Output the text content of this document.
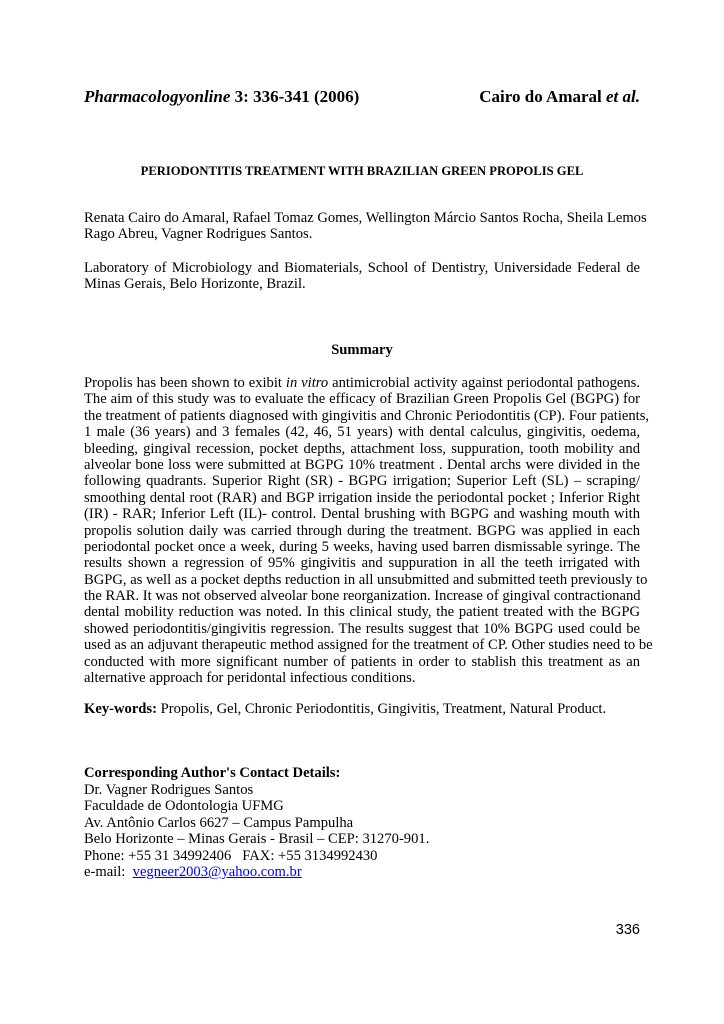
Pharmacologyonline 3: 336-341 (2006)	Cairo do Amaral et al.
PERIODONTITIS TREATMENT WITH BRAZILIAN GREEN PROPOLIS GEL
Renata Cairo do Amaral, Rafael Tomaz Gomes, Wellington Márcio Santos Rocha, Sheila Lemos
Rago Abreu, Vagner Rodrigues Santos.
Laboratory of Microbiology and Biomaterials, School of Dentistry, Universidade Federal de
Minas Gerais, Belo Horizonte, Brazil.
Summary
Propolis has been shown to exibit in vitro antimicrobial activity against periodontal pathogens.
The aim of this study was to evaluate the efficacy of Brazilian Green Propolis Gel (BGPG) for
the treatment of patients diagnosed with gingivitis and Chronic Periodontitis (CP). Four patients,
1 male (36 years) and 3 females (42, 46, 51 years) with dental calculus, gingivitis, oedema,
bleeding, gingival recession, pocket depths, attachment loss, suppuration, tooth mobility and
alveolar bone loss were submitted at BGPG 10% treatment . Dental archs were divided in the
following quadrants. Superior Right (SR) - BGPG irrigation; Superior Left (SL) – scraping/
smoothing dental root (RAR) and BGP irrigation inside the periodontal pocket ; Inferior Right
(IR) - RAR; Inferior Left (IL)- control. Dental brushing with BGPG and washing mouth with
propolis solution daily was carried through during the treatment. BGPG was applied in each
periodontal pocket once a week, during 5 weeks, having used barren dismissable syringe. The
results shown a regression of 95% gingivitis and suppuration in all the teeth irrigated with
BGPG, as well as a pocket depths reduction in all unsubmitted and submitted teeth previously to
the RAR. It was not observed alveolar bone reorganization. Increase of gingival contractionand
dental mobility reduction was noted. In this clinical study, the patient treated with the BGPG
showed periodontitis/gingivitis regression. The results suggest that 10% BGPG used could be
used as an adjuvant therapeutic method assigned for the treatment of CP. Other studies need to be
conducted with more significant number of patients in order to stablish this treatment as an
alternative approach for peridontal infectious conditions.
Key-words: Propolis, Gel, Chronic Periodontitis, Gingivitis, Treatment, Natural Product.
Corresponding Author's Contact Details:
Dr. Vagner Rodrigues Santos
Faculdade de Odontologia UFMG
Av. Antônio Carlos 6627 – Campus Pampulha
Belo Horizonte – Minas Gerais - Brasil – CEP: 31270-901.
Phone: +55 31 34992406   FAX: +55 3134992430
e-mail:  vegneer2003@yahoo.com.br
336
